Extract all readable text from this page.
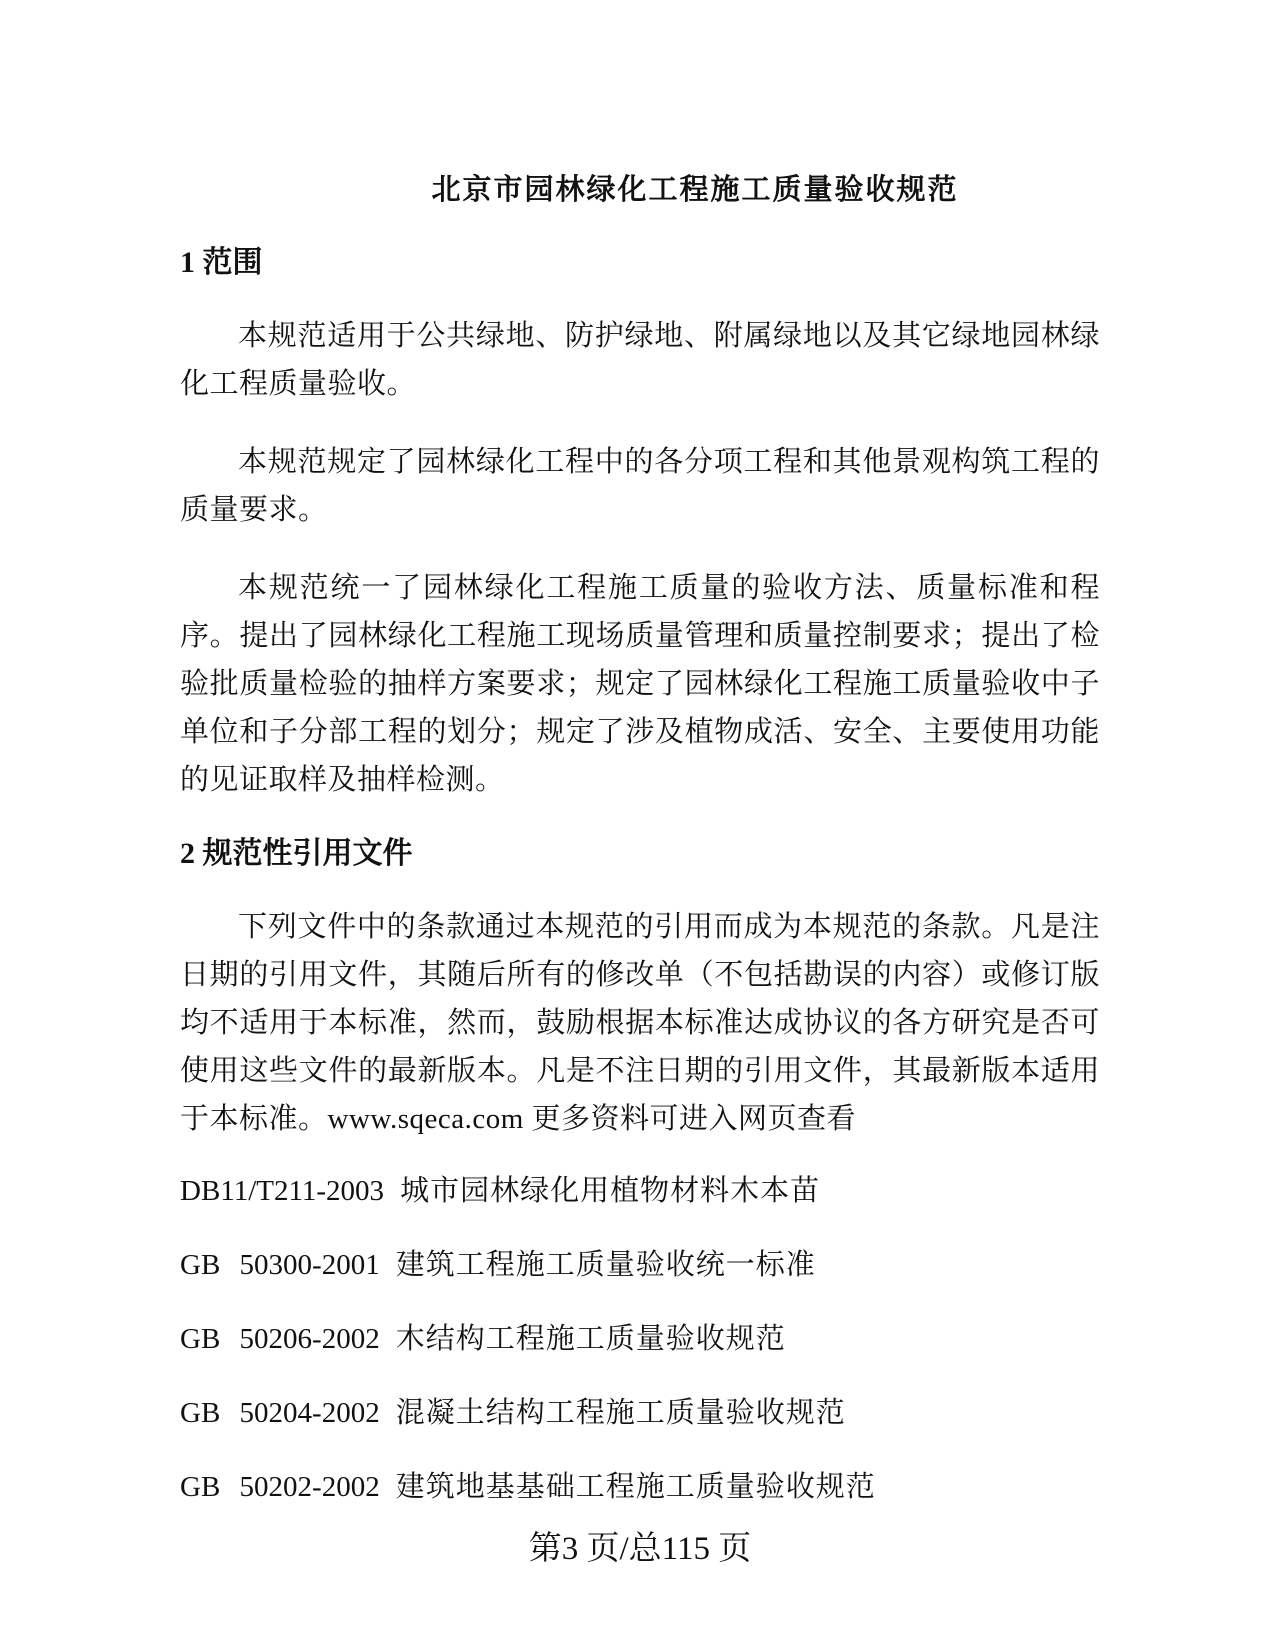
北京市园林绿化工程施工质量验收规范
1 范围

本规范适用于公共绿地、防护绿地、附属绿地以及其它绿地园林绿化工程质量验收。

本规范规定了园林绿化工程中的各分项工程和其他景观构筑工程的质量要求。

本规范统一了园林绿化工程施工质量的验收方法、质量标准和程序。提出了园林绿化工程施工现场质量管理和质量控制要求；提出了检验批质量检验的抽样方案要求；规定了园林绿化工程施工质量验收中子单位和子分部工程的划分；规定了涉及植物成活、安全、主要使用功能的见证取样及抽样检测。

2 规范性引用文件

下列文件中的条款通过本规范的引用而成为本规范的条款。凡是注日期的引用文件，其随后所有的修改单（不包括勘误的内容）或修订版均不适用于本标准，然而，鼓励根据本标准达成协议的各方研究是否可使用这些文件的最新版本。凡是不注日期的引用文件，其最新版本适用于本标准。www.sqeca.com 更多资料可进入网页查看

DB11/T211-2003 城市园林绿化用植物材料木本苗
GB 50300-2001 建筑工程施工质量验收统一标准
GB 50206-2002 木结构工程施工质量验收规范
GB 50204-2002 混凝土结构工程施工质量验收规范
GB 50202-2002 建筑地基基础工程施工质量验收规范
第3 页/总115 页
